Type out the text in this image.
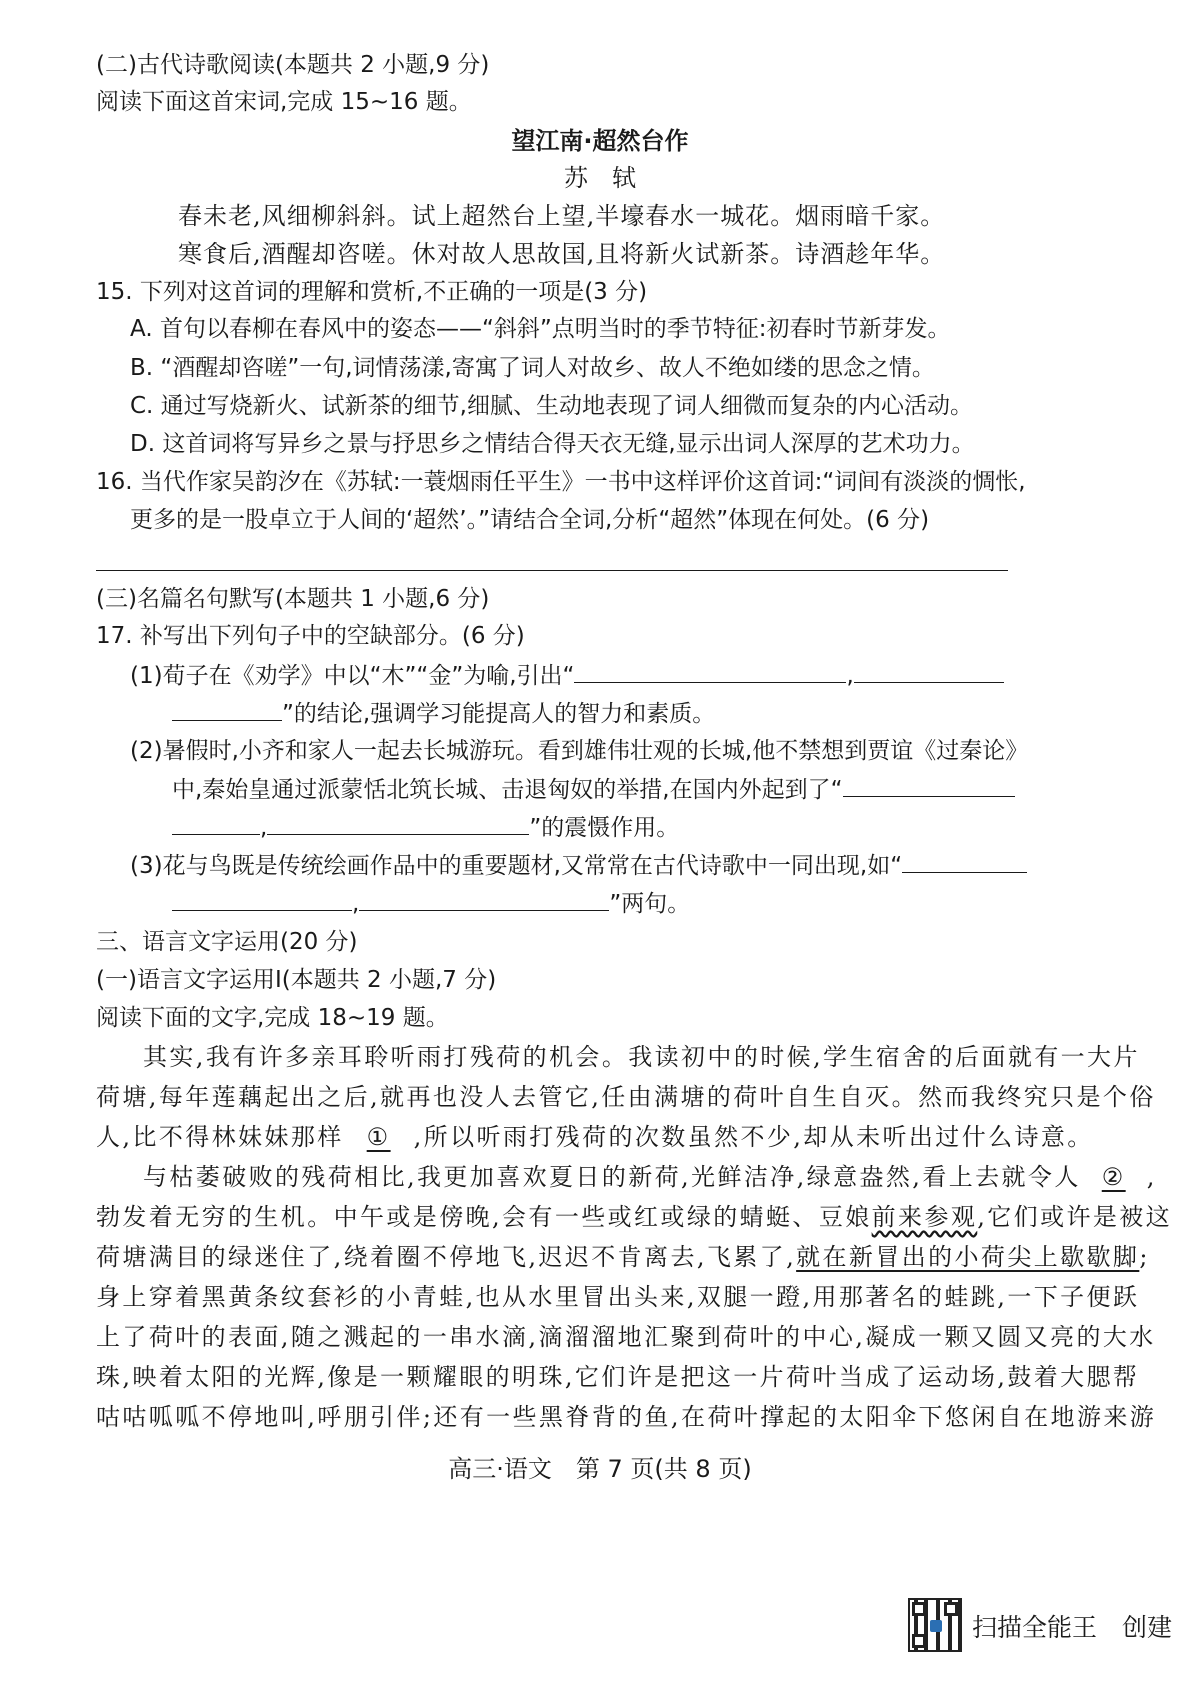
(二)古代诗歌阅读(本题共 2 小题,9 分)
阅读下面这首宋词,完成 15~16 题。
望江南·超然台作
苏　轼
春未老,风细柳斜斜。试上超然台上望,半壕春水一城花。烟雨暗千家。
寒食后,酒醒却咨嗟。休对故人思故国,且将新火试新茶。诗酒趁年华。
15. 下列对这首词的理解和赏析,不正确的一项是(3 分)
A. 首句以春柳在春风中的姿态——“斜斜”点明当时的季节特征:初春时节新芽发。
B. “酒醒却咨嗟”一句,词情荡漾,寄寓了词人对故乡、故人不绝如缕的思念之情。
C. 通过写烧新火、试新茶的细节,细腻、生动地表现了词人细微而复杂的内心活动。
D. 这首词将写异乡之景与抒思乡之情结合得天衣无缝,显示出词人深厚的艺术功力。
16. 当代作家吴韵汐在《苏轼:一蓑烟雨任平生》一书中这样评价这首词:“词间有淡淡的惆怅,
更多的是一股卓立于人间的‘超然’。”请结合全词,分析“超然”体现在何处。(6 分)
(三)名篇名句默写(本题共 1 小题,6 分)
17. 补写出下列句子中的空缺部分。(6 分)
(1)荀子在《劝学》中以“木”“金”为喻,引出“	,
”的结论,强调学习能提高人的智力和素质。
(2)暑假时,小齐和家人一起去长城游玩。看到雄伟壮观的长城,他不禁想到贾谊《过秦论》
中,秦始皇通过派蒙恬北筑长城、击退匈奴的举措,在国内外起到了“
,	”的震慑作用。
(3)花与鸟既是传统绘画作品中的重要题材,又常常在古代诗歌中一同出现,如“
,	”两句。
三、语言文字运用(20 分)
(一)语言文字运用Ⅰ(本题共 2 小题,7 分)
阅读下面的文字,完成 18~19 题。
其实,我有许多亲耳聆听雨打残荷的机会。我读初中的时候,学生宿舍的后面就有一大片
荷塘,每年莲藕起出之后,就再也没人去管它,任由满塘的荷叶自生自灭。然而我终究只是个俗
人,比不得林妹妹那样 ① ,所以听雨打残荷的次数虽然不少,却从未听出过什么诗意。
与枯萎破败的残荷相比,我更加喜欢夏日的新荷,光鲜洁净,绿意盎然,看上去就令人 ② ,
勃发着无穷的生机。中午或是傍晚,会有一些或红或绿的蜻蜓、豆娘前来参观,它们或许是被这
荷塘满目的绿迷住了,绕着圈不停地飞,迟迟不肯离去,飞累了,就在新冒出的小荷尖上歇歇脚;
身上穿着黑黄条纹套衫的小青蛙,也从水里冒出头来,双腿一蹬,用那著名的蛙跳,一下子便跃
上了荷叶的表面,随之溅起的一串水滴,滴溜溜地汇聚到荷叶的中心,凝成一颗又圆又亮的大水
珠,映着太阳的光辉,像是一颗耀眼的明珠,它们许是把这一片荷叶当成了运动场,鼓着大腮帮
咕咕呱呱不停地叫,呼朋引伴;还有一些黑脊背的鱼,在荷叶撑起的太阳伞下悠闲自在地游来游
高三·语文　第 7 页(共 8 页)
扫描全能王　创建
